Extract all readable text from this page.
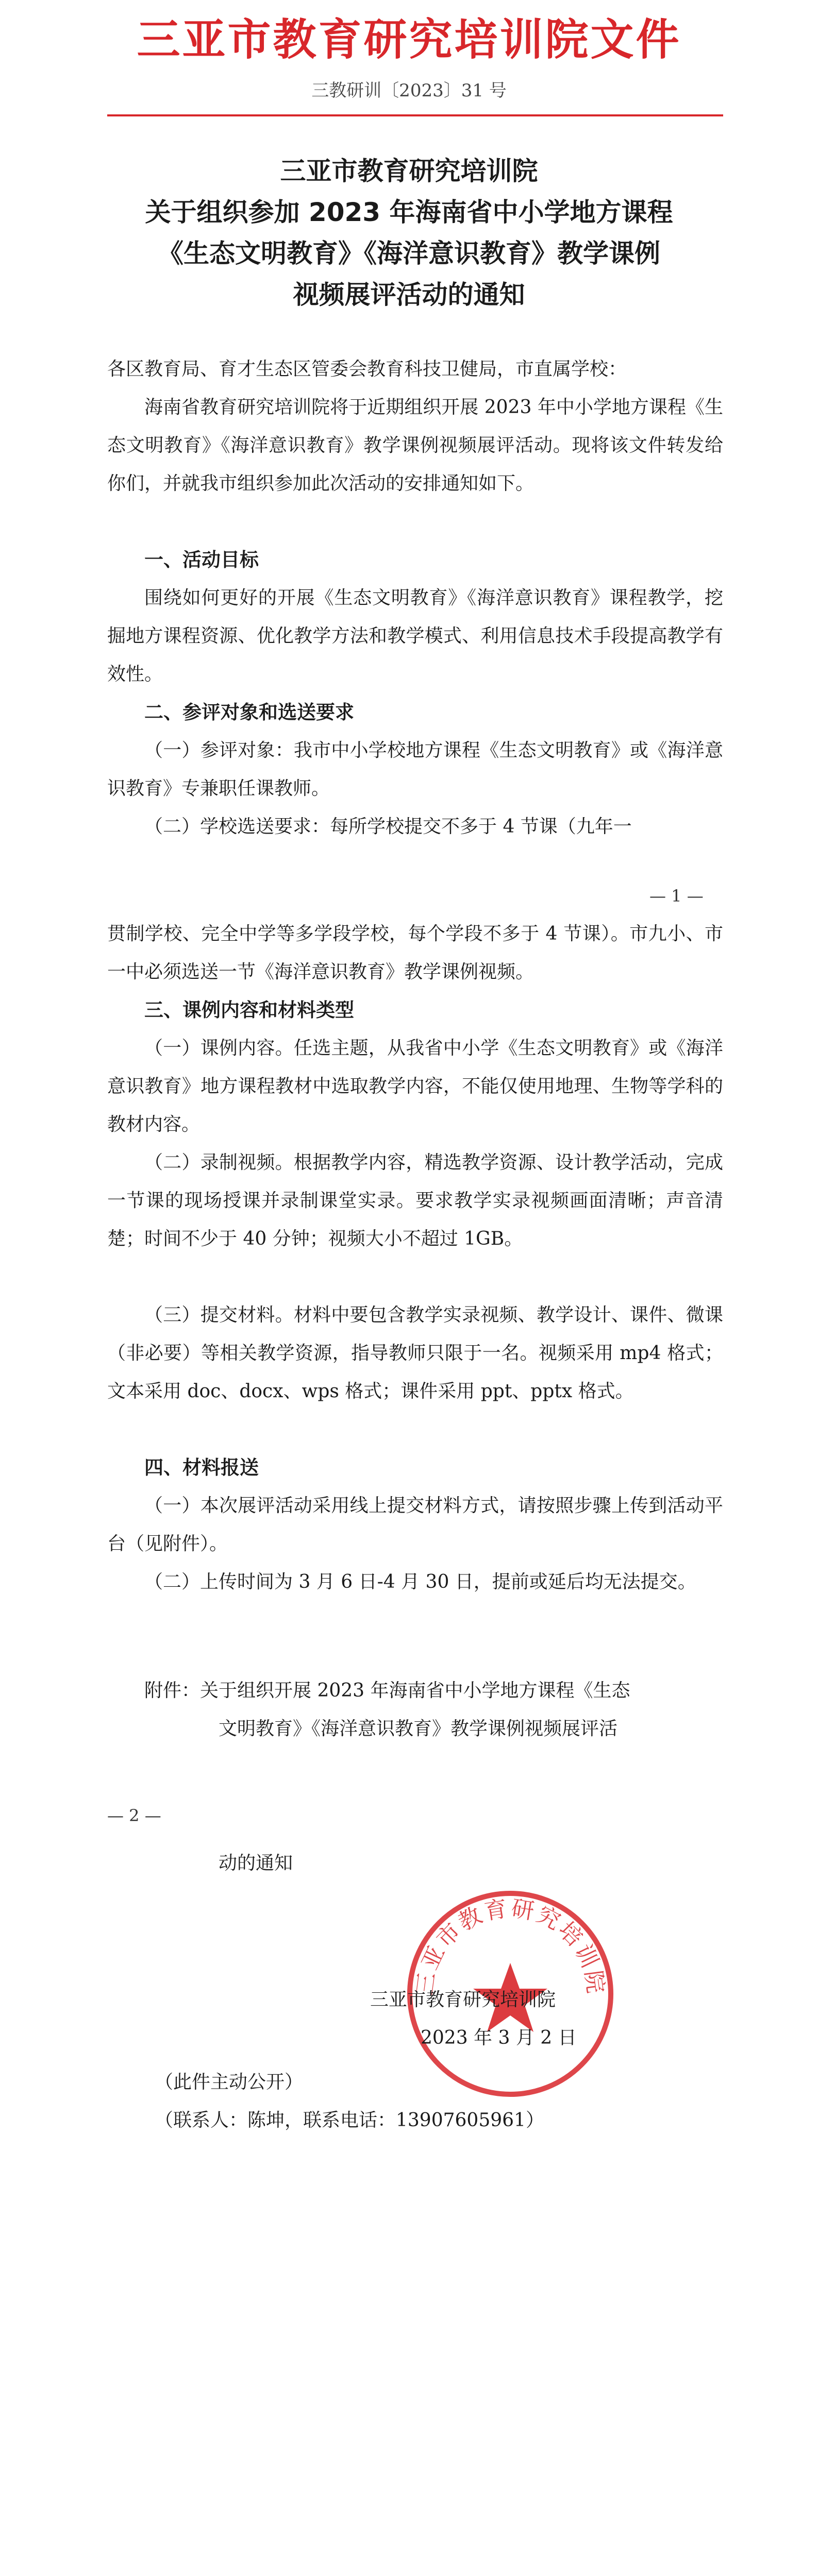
三亚市教育研究培训院文件
三教研训〔2023〕31 号
三亚市教育研究培训院
关于组织参加 2023 年海南省中小学地方课程
《生态文明教育》《海洋意识教育》教学课例
视频展评活动的通知

各区教育局、育才生态区管委会教育科技卫健局，市直属学校：

海南省教育研究培训院将于近期组织开展 2023 年中小学地方课程《生态文明教育》《海洋意识教育》教学课例视频展评活动。现将该文件转发给你们，并就我市组织参加此次活动的安排通知如下。

一、活动目标

围绕如何更好的开展《生态文明教育》《海洋意识教育》课程教学，挖掘地方课程资源、优化教学方法和教学模式、利用信息技术手段提高教学有效性。

二、参评对象和选送要求

（一）参评对象：我市中小学校地方课程《生态文明教育》或《海洋意识教育》专兼职任课教师。

（二）学校选送要求：每所学校提交不多于 4 节课（九年一

— 1 —

贯制学校、完全中学等多学段学校，每个学段不多于 4 节课）。市九小、市一中必须选送一节《海洋意识教育》教学课例视频。

三、课例内容和材料类型

（一）课例内容。任选主题，从我省中小学《生态文明教育》或《海洋意识教育》地方课程教材中选取教学内容，不能仅使用地理、生物等学科的教材内容。

（二）录制视频。根据教学内容，精选教学资源、设计教学活动，完成一节课的现场授课并录制课堂实录。要求教学实录视频画面清晰；声音清楚；时间不少于 40 分钟；视频大小不超过 1GB。

（三）提交材料。材料中要包含教学实录视频、教学设计、课件、微课（非必要）等相关教学资源，指导教师只限于一名。视频采用 mp4 格式；文本采用 doc、docx、wps 格式；课件采用 ppt、pptx 格式。

四、材料报送

（一）本次展评活动采用线上提交材料方式，请按照步骤上传到活动平台（见附件）。

（二）上传时间为 3 月 6 日-4 月 30 日，提前或延后均无法提交。

附件：关于组织开展 2023 年海南省中小学地方课程《生态
文明教育》《海洋意识教育》教学课例视频展评活
— 2 —
动的通知
三亚市教育研究培训院
三亚市教育研究培训院
2023 年 3 月 2 日
（此件主动公开）
（联系人：陈坤，联系电话：13907605961）
